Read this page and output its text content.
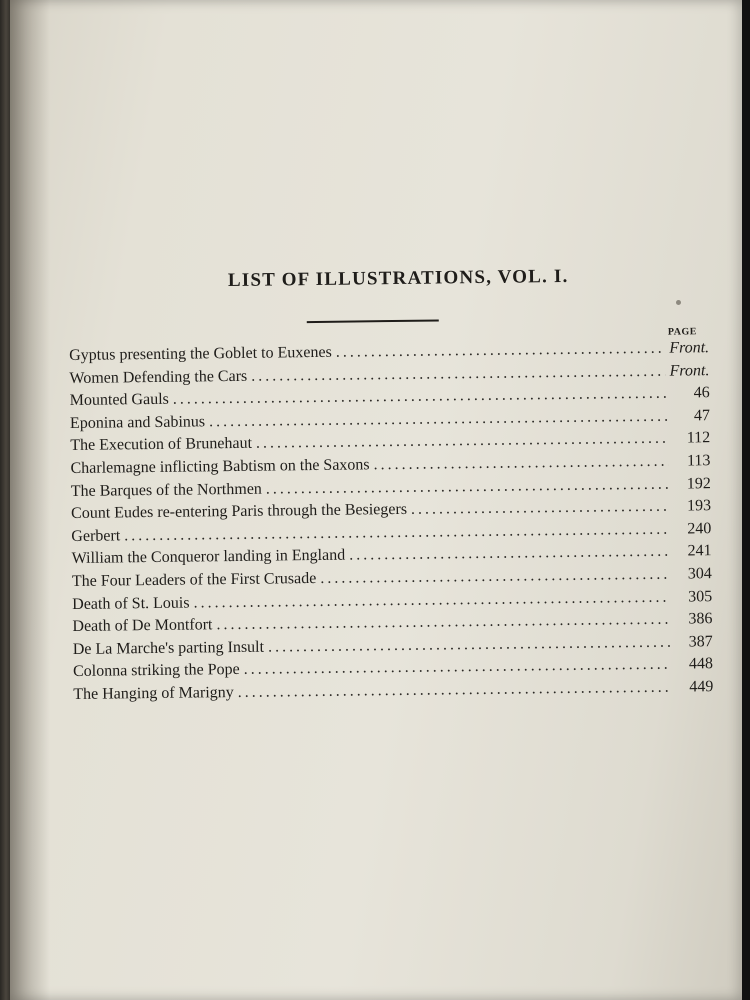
LIST OF ILLUSTRATIONS, VOL. I.
PAGE
Gyptus presenting the Goblet to Euxenes .....	Front.
Women Defending the Cars .....	Front.
Mounted Gauls .....	46
Eponina and Sabinus .....	47
The Execution of Brunehaut .....	112
Charlemagne inflicting Babtism on the Saxons .....	113
The Barques of the Northmen .....	192
Count Eudes re-entering Paris through the Besiegers .....	193
Gerbert .....	240
William the Conqueror landing in England .....	241
The Four Leaders of the First Crusade .....	304
Death of St. Louis .....	305
Death of De Montfort .....	386
De La Marche's parting Insult .....	387
Colonna striking the Pope .....	448
The Hanging of Marigny .....	449
